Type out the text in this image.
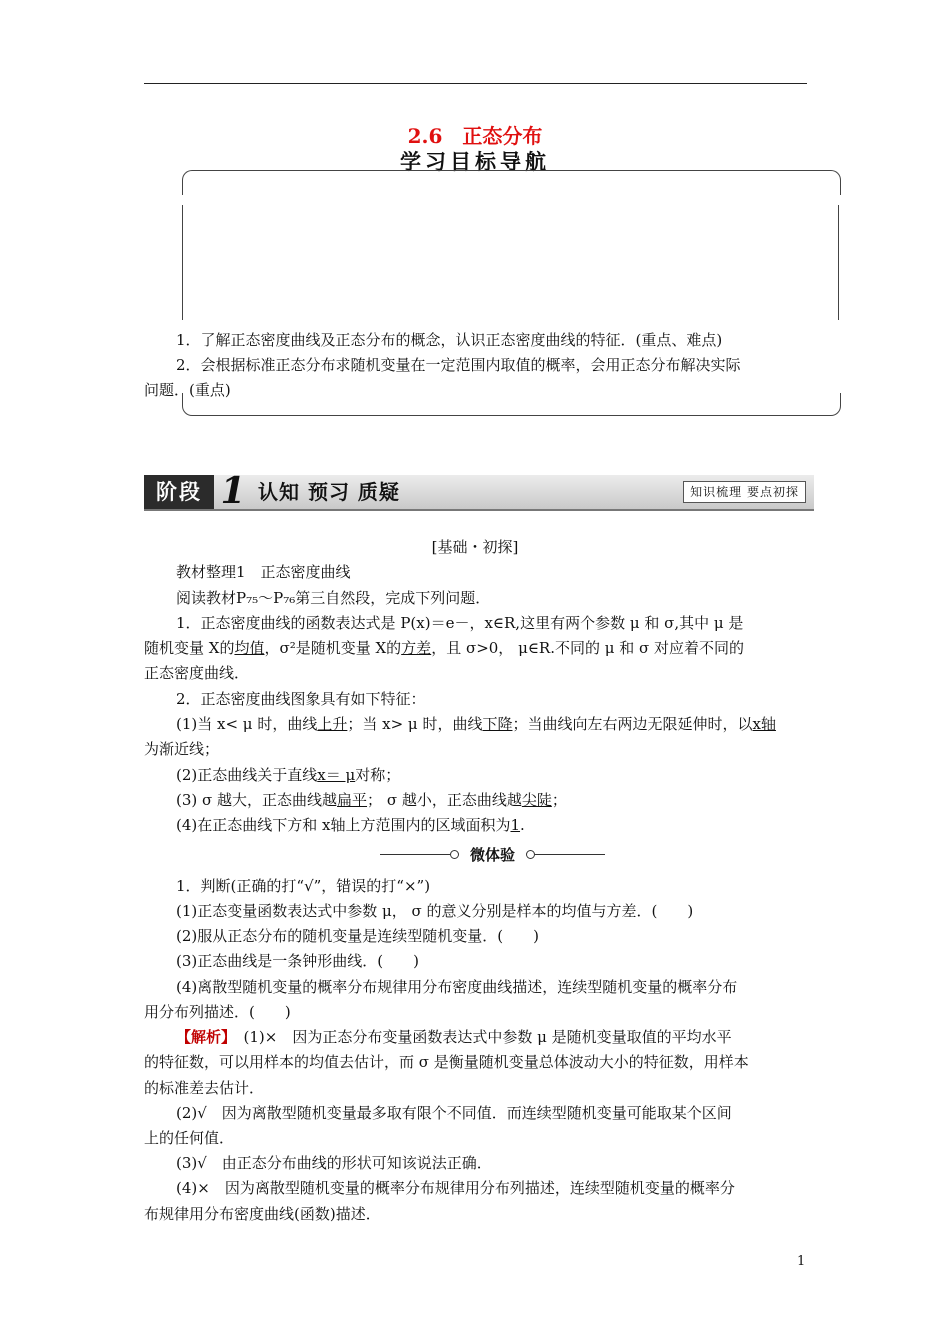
2.6　正态分布
学习目标导航
1．了解正态密度曲线及正态分布的概念，认识正态密度曲线的特征．(重点、难点)
2．会根据标准正态分布求随机变量在一定范围内取值的概率，会用正态分布解决实际
问题．(重点)
阶段 1 认知 预习 质疑	知识梳理 要点初探
[基础・初探]
教材整理1　正态密度曲线
阅读教材P₇₅～P₇₆第三自然段，完成下列问题．
1．正态密度曲线的函数表达式是 P(x)＝e－，x∈R,这里有两个参数 μ 和 σ,其中 μ 是
随机变量 X的均值，σ²是随机变量 X的方差，且 σ>0， μ∈R.不同的 μ 和 σ 对应着不同的
正态密度曲线．
2．正态密度曲线图象具有如下特征：
(1)当 x< μ 时，曲线上升；当 x> μ 时，曲线下降；当曲线向左右两边无限延伸时，以x轴
为渐近线；
(2)正态曲线关于直线x＝ μ对称；
(3) σ 越大，正态曲线越扁平； σ 越小，正态曲线越尖陡；
(4)在正态曲线下方和 x轴上方范围内的区域面积为1.
微体验
1．判断(正确的打“√”，错误的打“×”)
(1)正态变量函数表达式中参数 μ， σ 的意义分别是样本的均值与方差．(　　)
(2)服从正态分布的随机变量是连续型随机变量．(　　)
(3)正态曲线是一条钟形曲线．(　　)
(4)离散型随机变量的概率分布规律用分布密度曲线描述，连续型随机变量的概率分布
用分布列描述．(　　)
【解析】　(1)×　因为正态分布变量函数表达式中参数 μ 是随机变量取值的平均水平
的特征数，可以用样本的均值去估计，而 σ 是衡量随机变量总体波动大小的特征数，用样本
的标准差去估计．
(2)√　因为离散型随机变量最多取有限个不同值．而连续型随机变量可能取某个区间
上的任何值．
(3)√　由正态分布曲线的形状可知该说法正确．
(4)×　因为离散型随机变量的概率分布规律用分布列描述，连续型随机变量的概率分
布规律用分布密度曲线(函数)描述．
1
